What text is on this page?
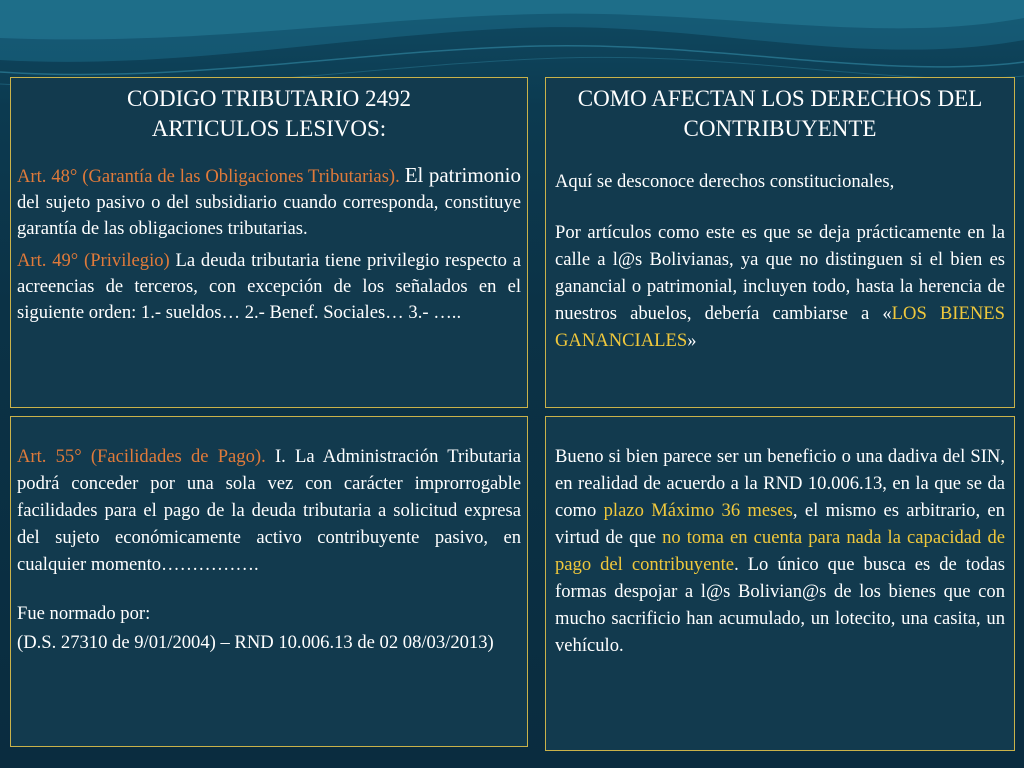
CODIGO TRIBUTARIO 2492
ARTICULOS LESIVOS:
Art. 48° (Garantía de las Obligaciones Tributarias). El patrimonio del sujeto pasivo o del subsidiario cuando corresponda, constituye garantía de las obligaciones tributarias.
Art. 49° (Privilegio) La deuda tributaria tiene privilegio respecto a acreencias de terceros, con excepción de los señalados en el siguiente orden: 1.- sueldos… 2.- Benef. Sociales… 3.- …..
COMO AFECTAN LOS DERECHOS DEL
CONTRIBUYENTE
Aquí se desconoce derechos constitucionales,
Por artículos como este es que se deja prácticamente en la calle a l@s Bolivianas, ya que no distinguen si el bien es ganancial o patrimonial, incluyen todo, hasta la herencia de nuestros abuelos, debería cambiarse a «LOS BIENES GANANCIALES»
Art. 55° (Facilidades de Pago). I. La Administración Tributaria podrá conceder por una sola vez con carácter improrrogable facilidades para el pago de la deuda tributaria a solicitud expresa del sujeto económicamente activo contribuyente pasivo, en cualquier momento…………….
Fue normado por:
(D.S. 27310 de 9/01/2004) – RND 10.006.13 de 02 08/03/2013)
Bueno si bien parece ser un beneficio o una dadiva del SIN, en realidad de acuerdo a la RND 10.006.13, en la que se da como plazo Máximo 36 meses, el mismo es arbitrario, en virtud de que no toma en cuenta para nada la capacidad de pago del contribuyente. Lo único que busca es de todas formas despojar a l@s Bolivian@s de los bienes que con mucho sacrificio han acumulado, un lotecito, una casita, un vehículo.
